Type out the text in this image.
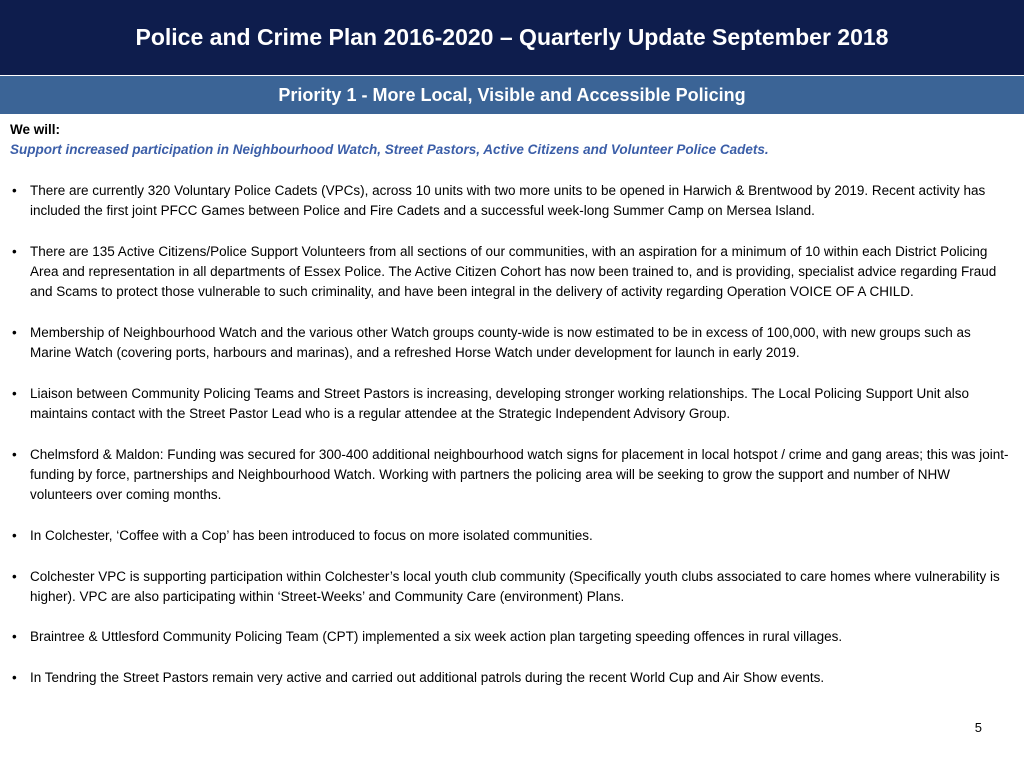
Police and Crime Plan 2016-2020 – Quarterly Update September 2018
Priority 1 - More Local, Visible and Accessible Policing

We will:

Support increased participation in Neighbourhood Watch, Street Pastors, Active Citizens and Volunteer Police Cadets.

• There are currently 320 Voluntary Police Cadets (VPCs), across 10 units with two more units to be opened in Harwich & Brentwood by 2019. Recent activity has included the first joint PFCC Games between Police and Fire Cadets and a successful week-long Summer Camp on Mersea Island.
• There are 135 Active Citizens/Police Support Volunteers from all sections of our communities, with an aspiration for a minimum of 10 within each District Policing Area and representation in all departments of Essex Police. The Active Citizen Cohort has now been trained to, and is providing, specialist advice regarding Fraud and Scams to protect those vulnerable to such criminality, and have been integral in the delivery of activity regarding Operation VOICE OF A CHILD.
• Membership of Neighbourhood Watch and the various other Watch groups county-wide is now estimated to be in excess of 100,000, with new groups such as Marine Watch (covering ports, harbours and marinas), and a refreshed Horse Watch under development for launch in early 2019.
• Liaison between Community Policing Teams and Street Pastors is increasing, developing stronger working relationships. The Local Policing Support Unit also maintains contact with the Street Pastor Lead who is a regular attendee at the Strategic Independent Advisory Group.
• Chelmsford & Maldon: Funding was secured for 300-400 additional neighbourhood watch signs for placement in local hotspot / crime and gang areas; this was joint-funding by force, partnerships and Neighbourhood Watch. Working with partners the policing area will be seeking to grow the support and number of NHW volunteers over coming months.
• In Colchester, ‘Coffee with a Cop’ has been introduced to focus on more isolated communities.
• Colchester VPC is supporting participation within Colchester’s local youth club community (Specifically youth clubs associated to care homes where vulnerability is higher). VPC are also participating within ‘Street-Weeks’ and Community Care (environment) Plans.
• Braintree & Uttlesford Community Policing Team (CPT) implemented a six week action plan targeting speeding offences in rural villages.
• In Tendring the Street Pastors remain very active and carried out additional patrols during the recent World Cup and Air Show events.
5
